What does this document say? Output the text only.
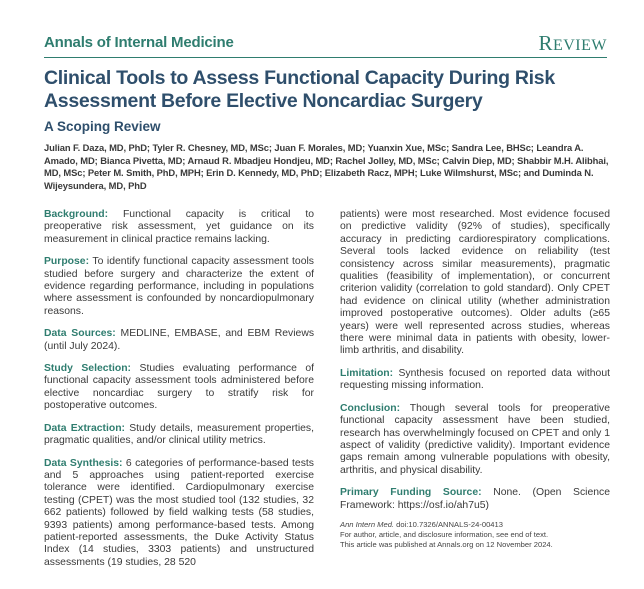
Annals of Internal Medicine	REVIEW
Clinical Tools to Assess Functional Capacity During Risk Assessment Before Elective Noncardiac Surgery
A Scoping Review
Julian F. Daza, MD, PhD; Tyler R. Chesney, MD, MSc; Juan F. Morales, MD; Yuanxin Xue, MSc; Sandra Lee, BHSc; Leandra A. Amado, MD; Bianca Pivetta, MD; Arnaud R. Mbadjeu Hondjeu, MD; Rachel Jolley, MD, MSc; Calvin Diep, MD; Shabbir M.H. Alibhai, MD, MSc; Peter M. Smith, PhD, MPH; Erin D. Kennedy, MD, PhD; Elizabeth Racz, MPH; Luke Wilmshurst, MSc; and Duminda N. Wijeysundera, MD, PhD

Background: Functional capacity is critical to preoperative risk assessment, yet guidance on its measurement in clinical practice remains lacking.

Purpose: To identify functional capacity assessment tools studied before surgery and characterize the extent of evidence regarding performance, including in populations where assessment is confounded by noncardiopulmonary reasons.

Data Sources: MEDLINE, EMBASE, and EBM Reviews (until July 2024).

Study Selection: Studies evaluating performance of functional capacity assessment tools administered before elective noncardiac surgery to stratify risk for postoperative outcomes.

Data Extraction: Study details, measurement properties, pragmatic qualities, and/or clinical utility metrics.

Data Synthesis: 6 categories of performance-based tests and 5 approaches using patient-reported exercise tolerance were identified. Cardiopulmonary exercise testing (CPET) was the most studied tool (132 studies, 32 662 patients) followed by field walking tests (58 studies, 9393 patients) among performance-based tests. Among patient-reported assessments, the Duke Activity Status Index (14 studies, 3303 patients) and unstructured assessments (19 studies, 28 520

patients) were most researched. Most evidence focused on predictive validity (92% of studies), specifically accuracy in predicting cardiorespiratory complications. Several tools lacked evidence on reliability (test consistency across similar measurements), pragmatic qualities (feasibility of implementation), or concurrent criterion validity (correlation to gold standard). Only CPET had evidence on clinical utility (whether administration improved postoperative outcomes). Older adults (≥65 years) were well represented across studies, whereas there were minimal data in patients with obesity, lower-limb arthritis, and disability.

Limitation: Synthesis focused on reported data without requesting missing information.

Conclusion: Though several tools for preoperative functional capacity assessment have been studied, research has overwhelmingly focused on CPET and only 1 aspect of validity (predictive validity). Important evidence gaps remain among vulnerable populations with obesity, arthritis, and physical disability.

Primary Funding Source: None. (Open Science Framework: https://osf.io/ah7u5)

Ann Intern Med. doi:10.7326/ANNALS-24-00413
For author, article, and disclosure information, see end of text.
This article was published at Annals.org on 12 November 2024.
